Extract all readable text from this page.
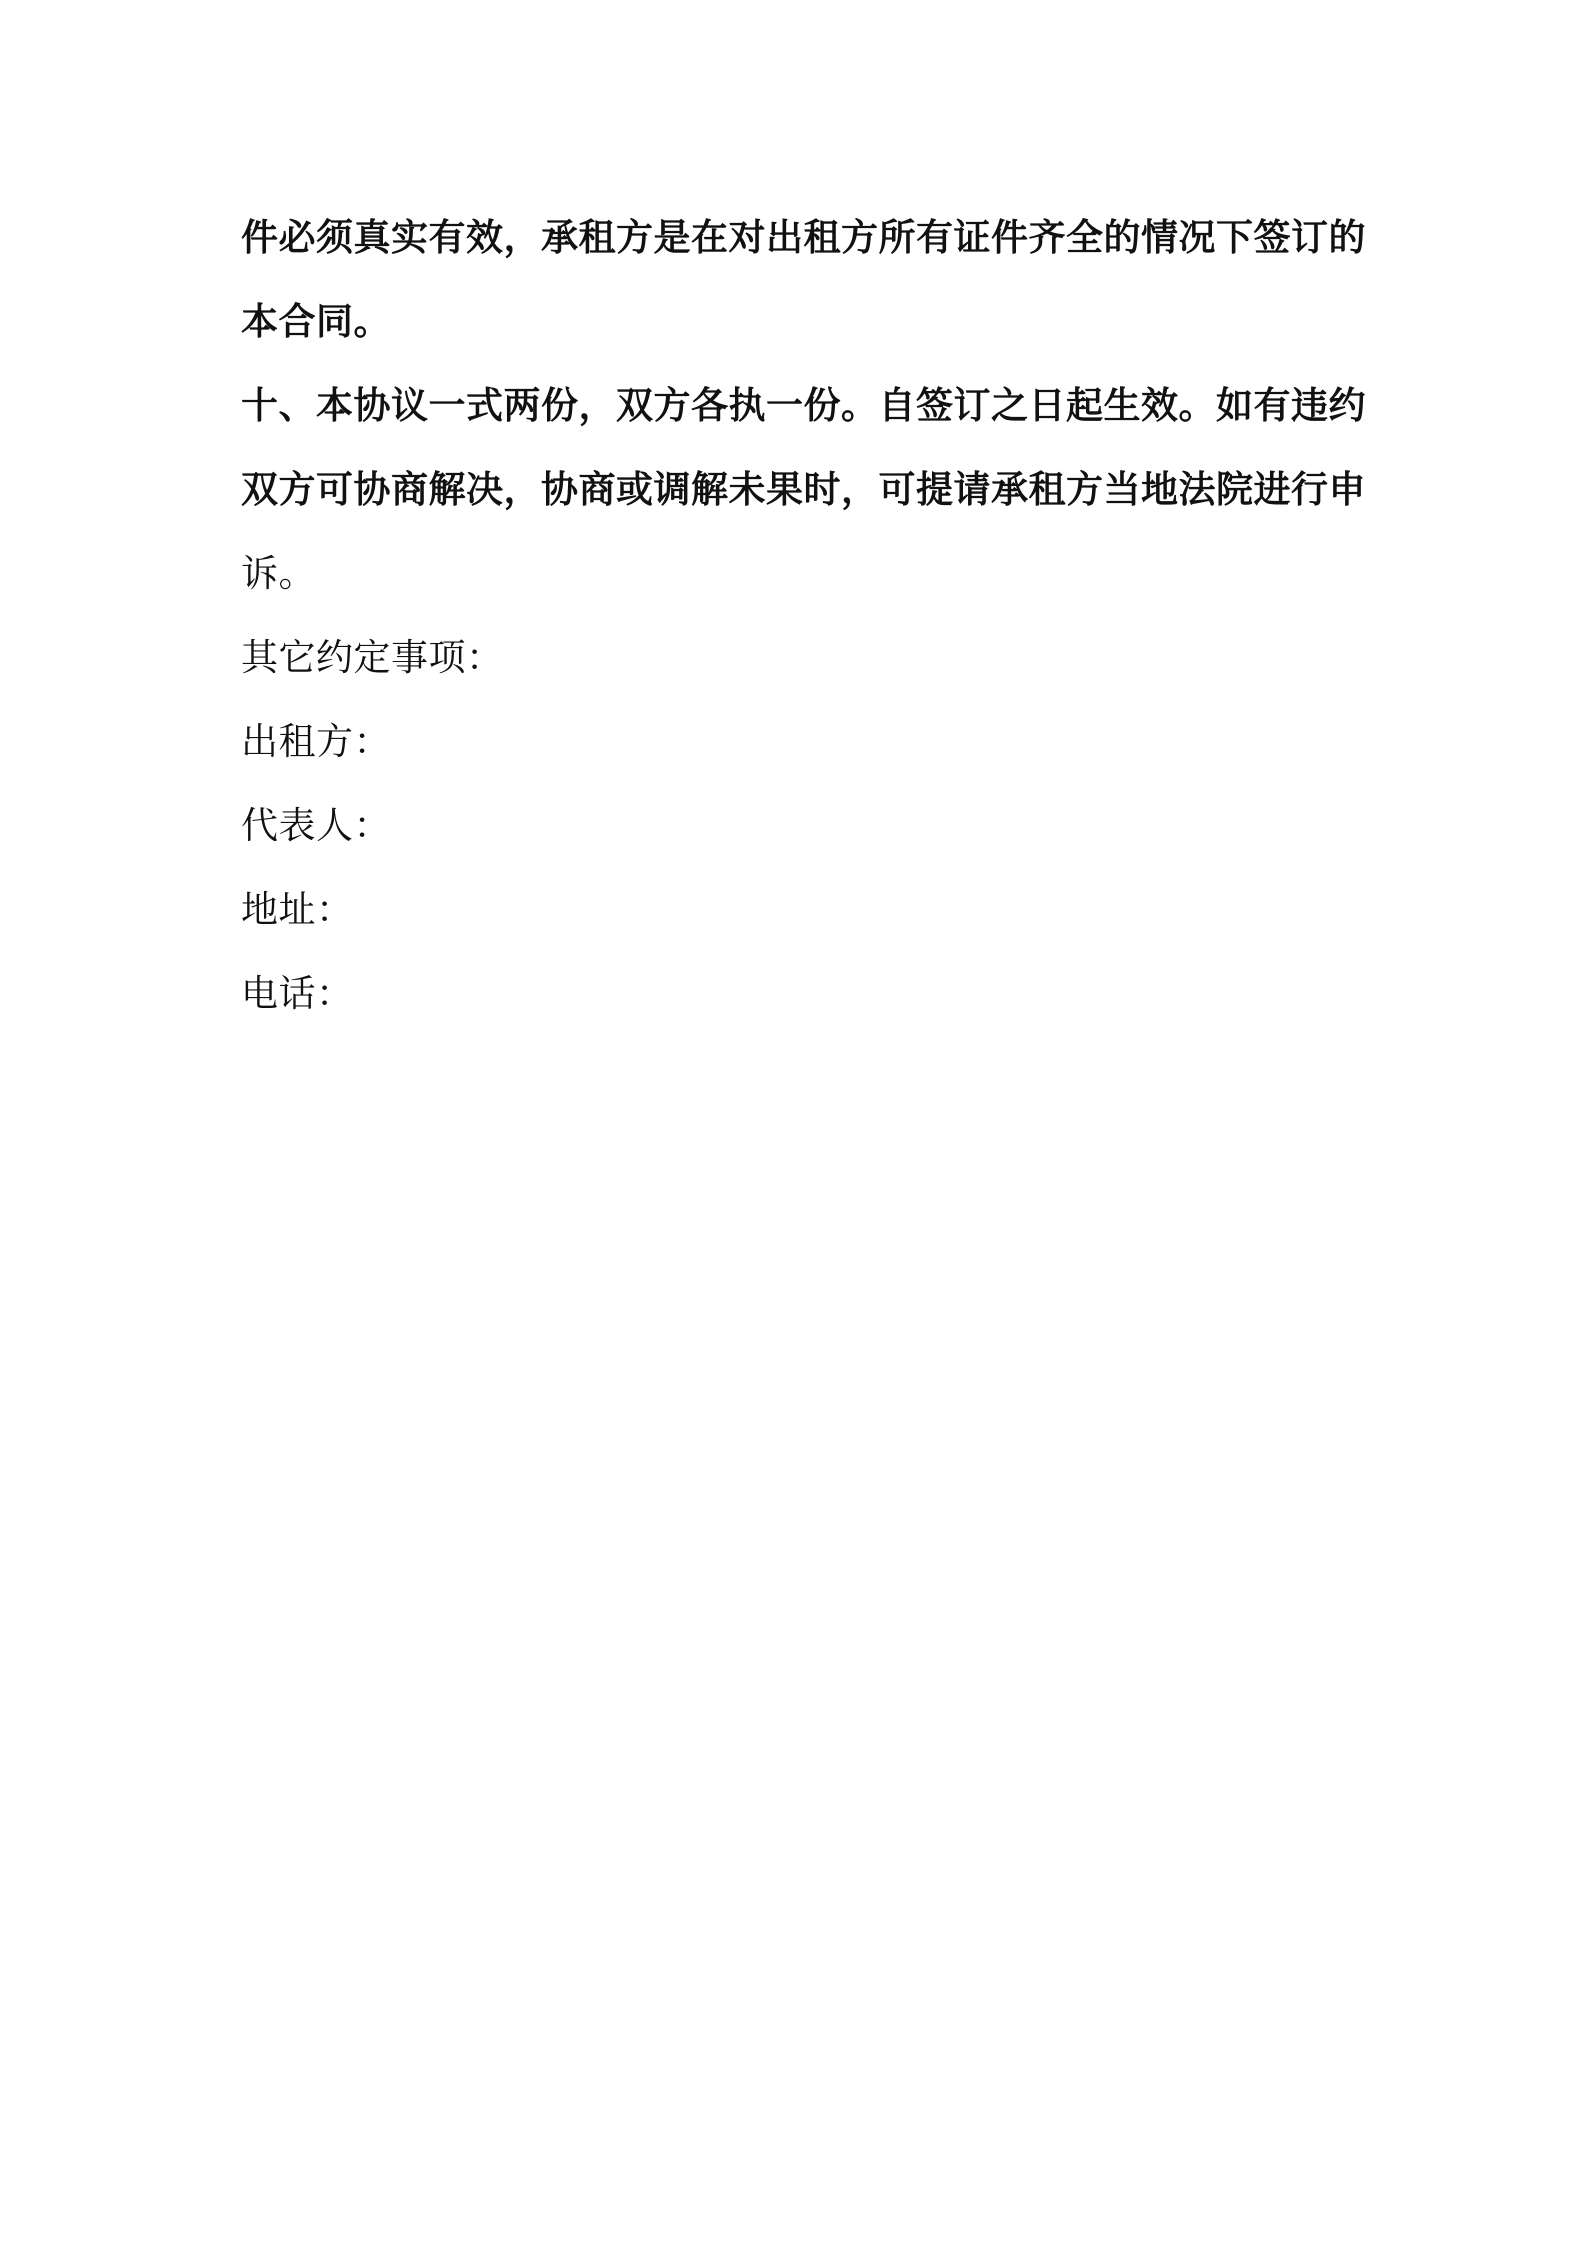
件必须真实有效，承租方是在对出租方所有证件齐全的情况下签订的
本合同。
十、本协议一式两份，双方各执一份。自签订之日起生效。如有违约
双方可协商解决，协商或调解未果时，可提请承租方当地法院进行申
诉。
其它约定事项：
出租方：
代表人：
地址：
电话：
